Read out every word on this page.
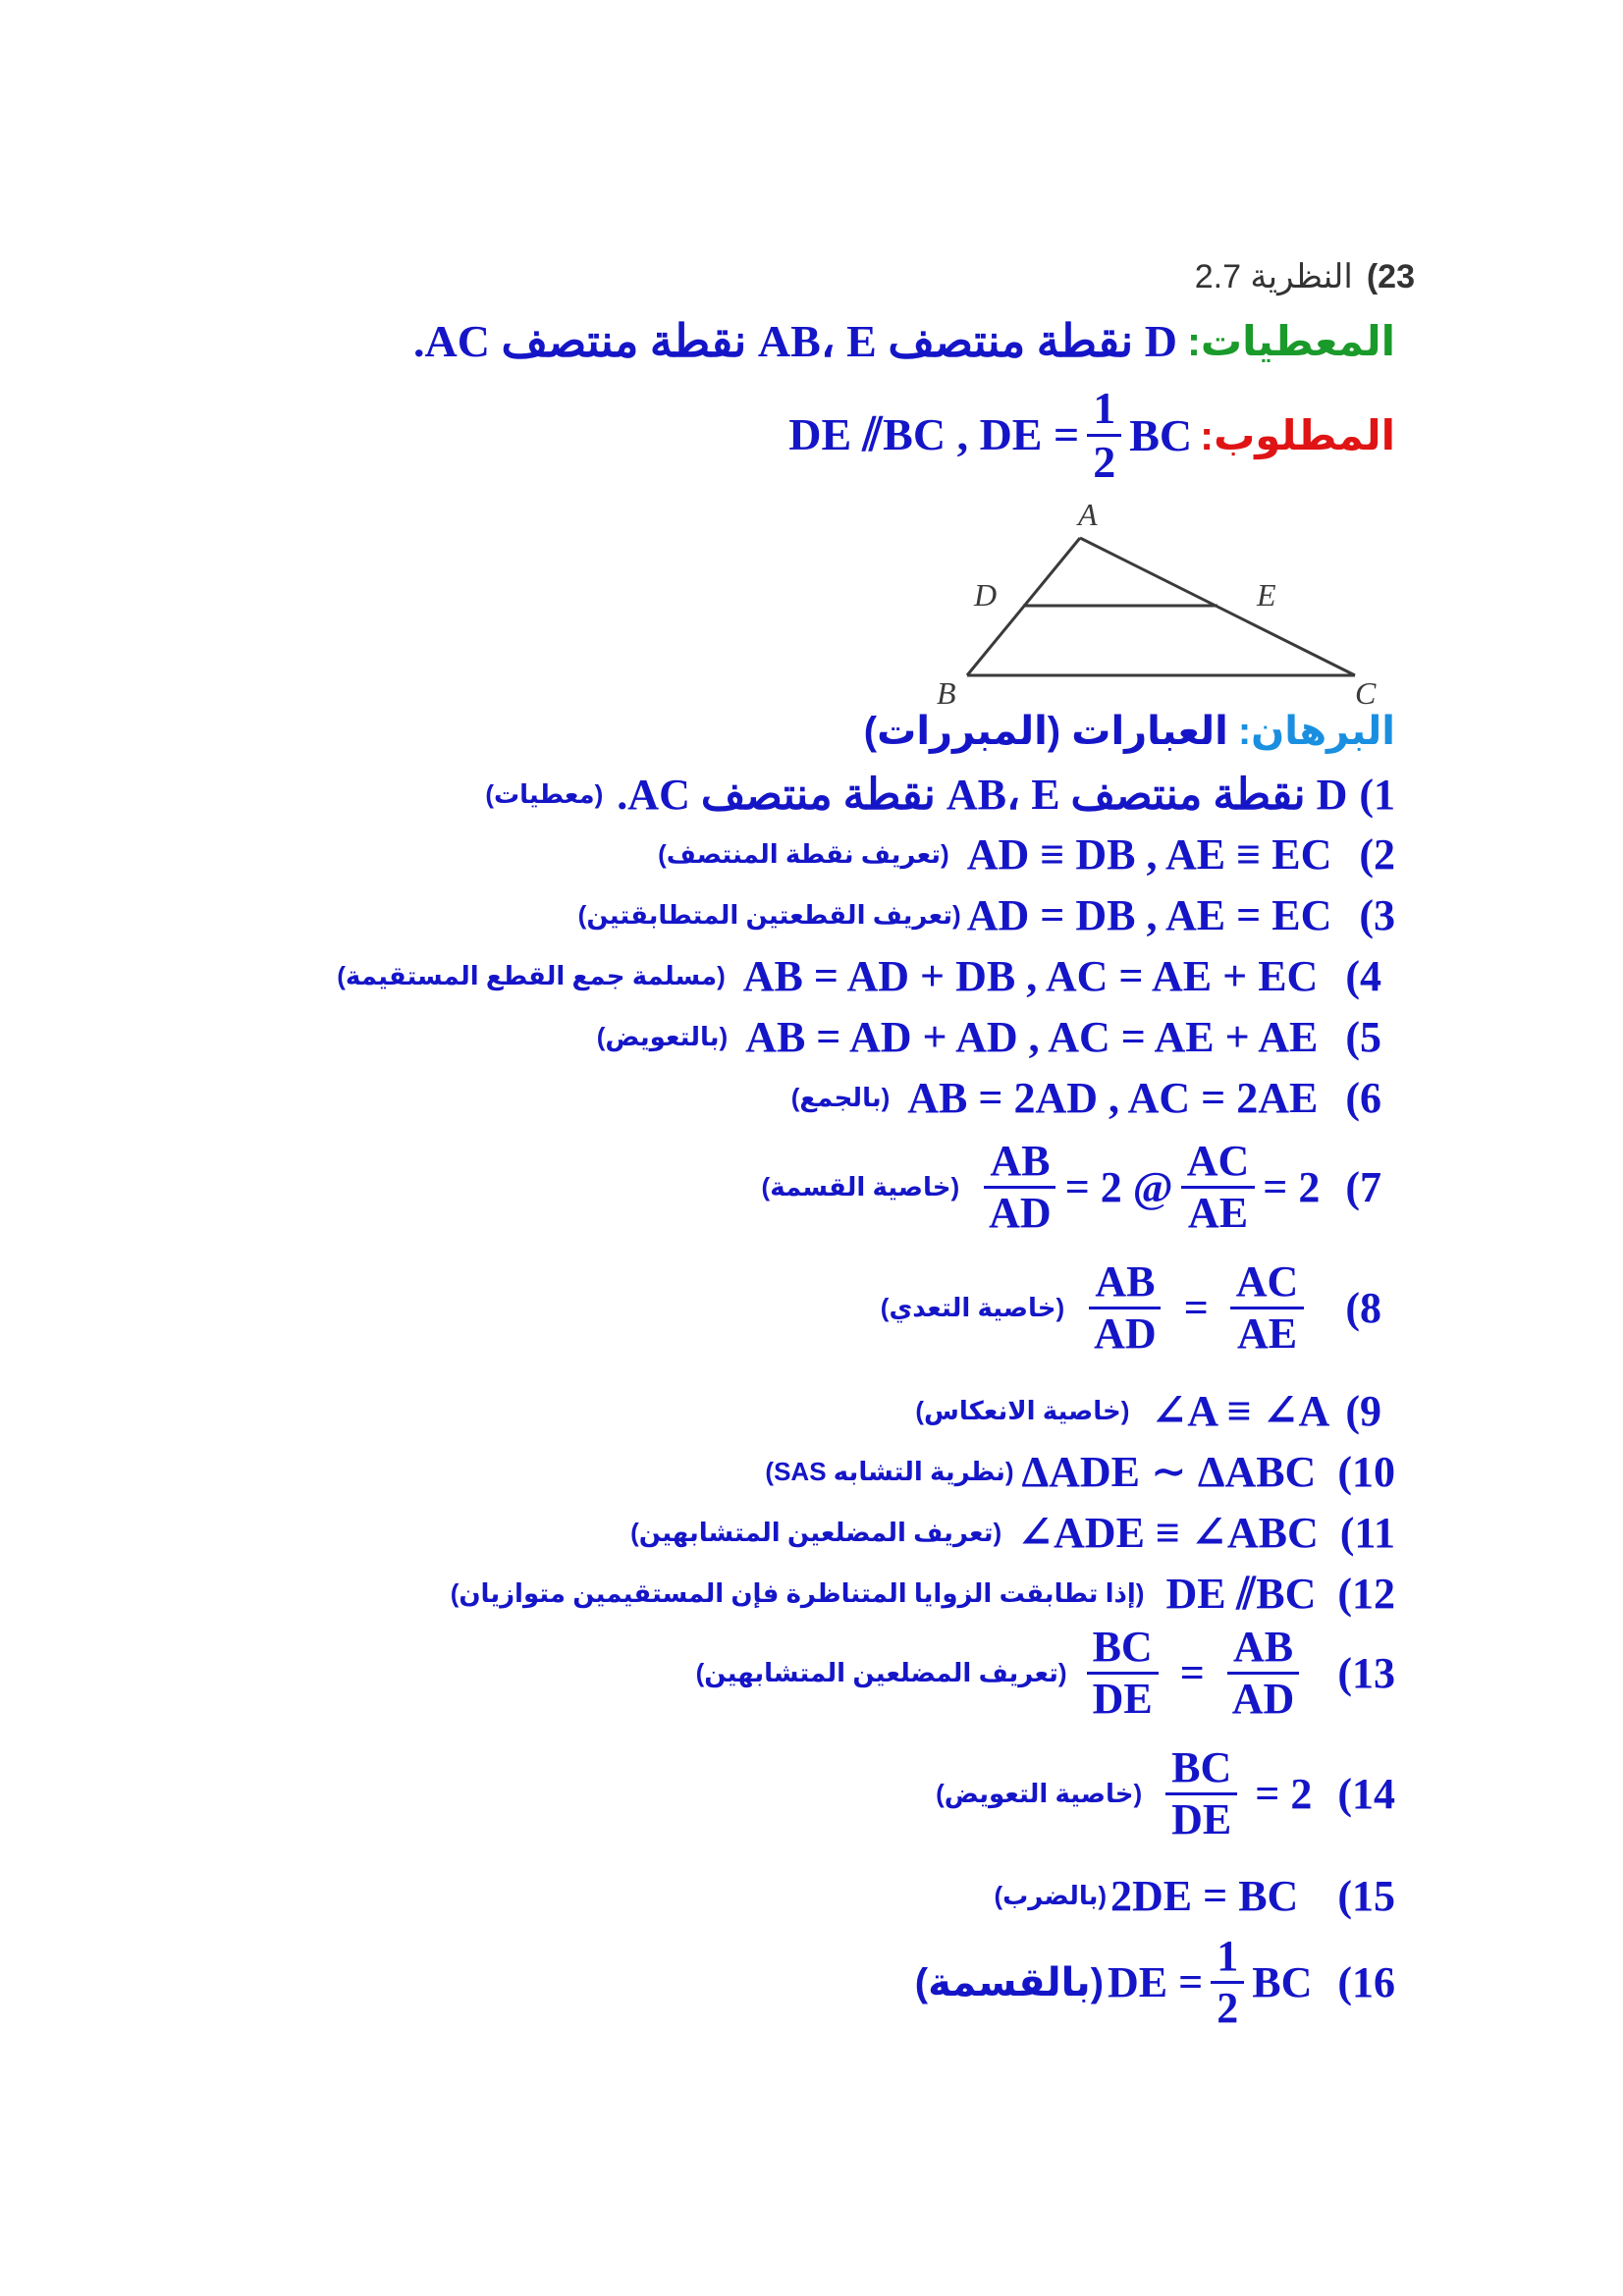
23)
النظرية 2.7
المعطيات:
D نقطة منتصف AB، E نقطة منتصف AC.
المطلوب:
DE ⫽BC , DE = $\frac{1}{2}$ BC
A
D	E
B	C
البرهان:
العبارات (المبررات)
1)
D نقطة منتصف AB، E نقطة منتصف AC.
(معطيات)
(2
AD ≡ DB , AE ≡ EC
(تعريف نقطة المنتصف)
(3
AD = DB , AE = EC
(تعريف القطعتين المتطابقتين)
(4
AB = AD + DB , AC = AE + EC
(مسلمة جمع القطع المستقيمة)
(5
AB = AD + AD , AC = AE + AE
(بالتعويض)
(6
AB = 2AD , AC = 2AE
(بالجمع)
(7
$\frac{AB}{AD} = 2$ @ $\frac{AC}{AE} = 2$
(خاصية القسمة)
(8
$\frac{AB}{AD} = \frac{AC}{AE}$
(خاصية التعدي)
(9
∠A ≡ ∠A
(خاصية الانعكاس)
(10
ΔADE ∼ ΔABC
(نظرية التشابه SAS)
(11
∠ADE ≡ ∠ABC
(تعريف المضلعين المتشابهين)
(12
DE ⫽BC
(إذا تطابقت الزوايا المتناظرة فإن المستقيمين متوازيان)
(13
$\frac{BC}{DE} = \frac{AB}{AD}$
(تعريف المضلعين المتشابهين)
(14
$\frac{BC}{DE} = 2$
(خاصية التعويض)
(15
2DE = BC
(بالضرب)
(16
DE = $\frac{1}{2}$ BC
(بالقسمة)
